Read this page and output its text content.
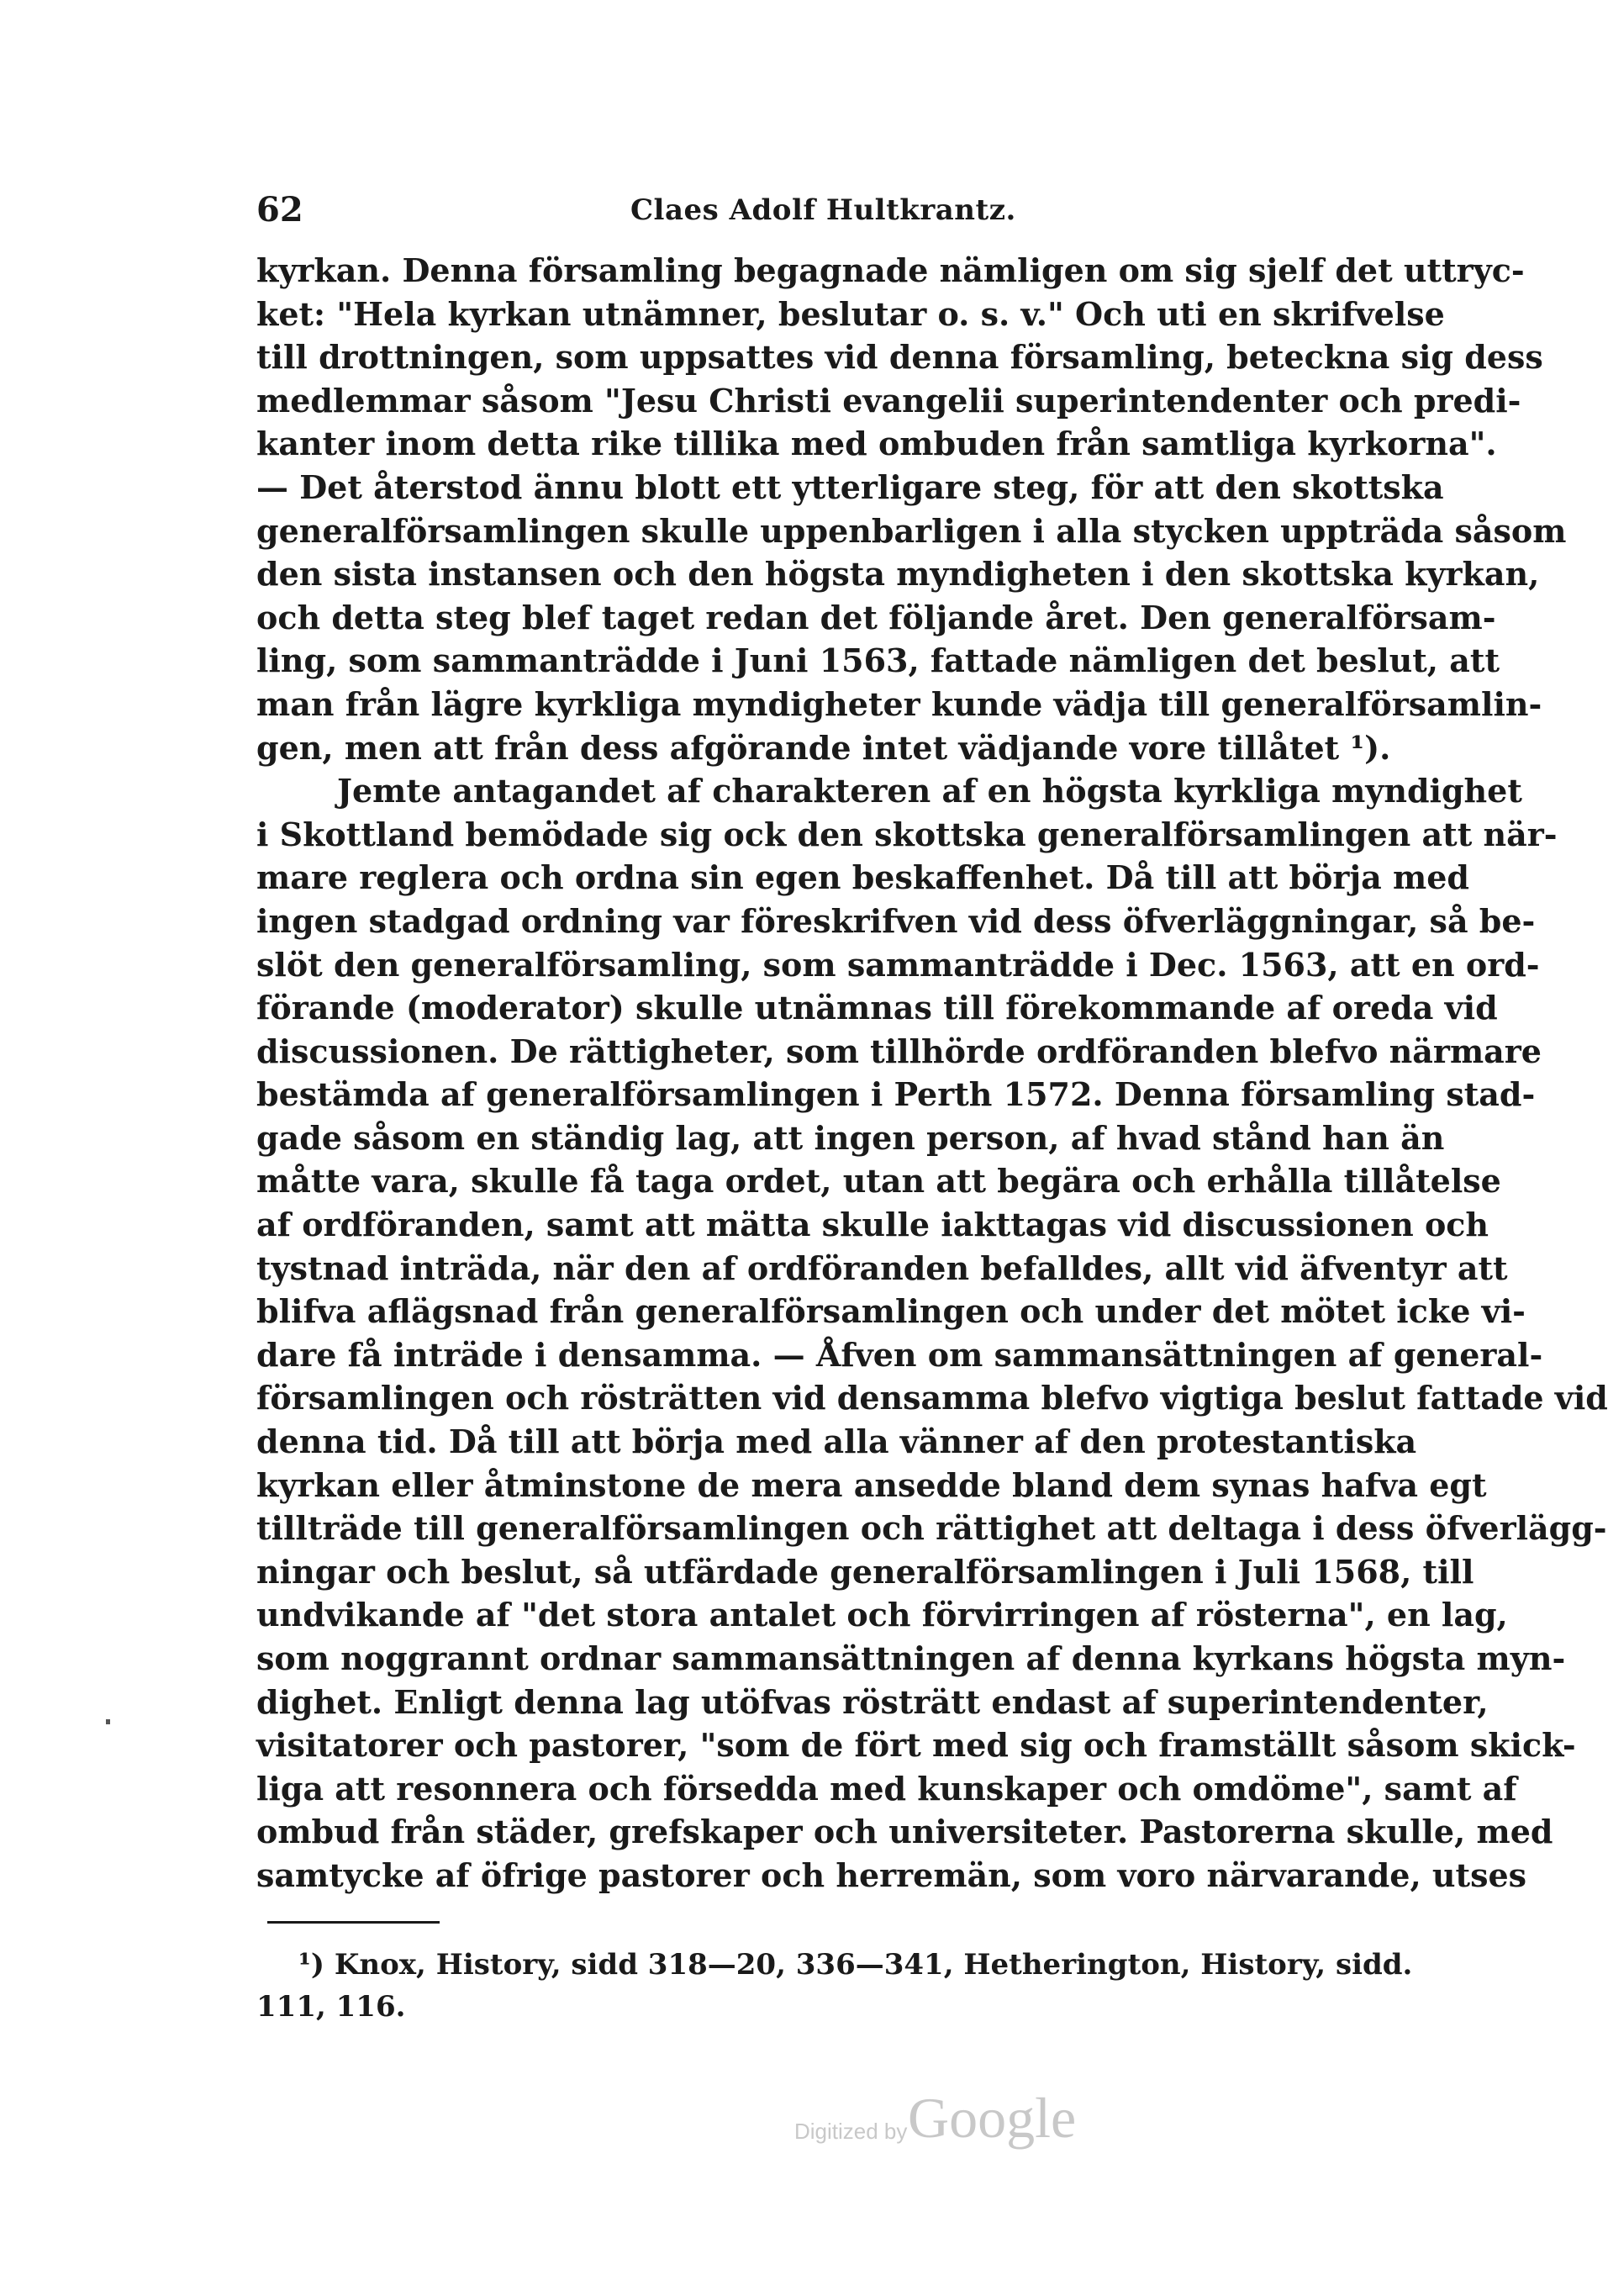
62	Claes Adolf Hultkrantz.
kyrkan. Denna församling begagnade nämligen om sig sjelf det uttryc-
ket: "Hela kyrkan utnämner, beslutar o. s. v." Och uti en skrifvelse
till drottningen, som uppsattes vid denna församling, beteckna sig dess
medlemmar såsom "Jesu Christi evangelii superintendenter och predi-
kanter inom detta rike tillika med ombuden från samtliga kyrkorna".
— Det återstod ännu blott ett ytterligare steg, för att den skottska
generalförsamlingen skulle uppenbarligen i alla stycken uppträda såsom
den sista instansen och den högsta myndigheten i den skottska kyrkan,
och detta steg blef taget redan det följande året. Den generalförsam-
ling, som sammanträdde i Juni 1563, fattade nämligen det beslut, att
man från lägre kyrkliga myndigheter kunde vädja till generalförsamlin-
gen, men att från dess afgörande intet vädjande vore tillåtet ¹).
Jemte antagandet af charakteren af en högsta kyrkliga myndighet
i Skottland bemödade sig ock den skottska generalförsamlingen att när-
mare reglera och ordna sin egen beskaffenhet. Då till att börja med
ingen stadgad ordning var föreskrifven vid dess öfverläggningar, så be-
slöt den generalförsamling, som sammanträdde i Dec. 1563, att en ord-
förande (moderator) skulle utnämnas till förekommande af oreda vid
discussionen. De rättigheter, som tillhörde ordföranden blefvo närmare
bestämda af generalförsamlingen i Perth 1572. Denna församling stad-
gade såsom en ständig lag, att ingen person, af hvad stånd han än
måtte vara, skulle få taga ordet, utan att begära och erhålla tillåtelse
af ordföranden, samt att mätta skulle iakttagas vid discussionen och
tystnad inträda, när den af ordföranden befalldes, allt vid äfventyr att
blifva aflägsnad från generalförsamlingen och under det mötet icke vi-
dare få inträde i densamma. — Åfven om sammansättningen af general-
församlingen och rösträtten vid densamma blefvo vigtiga beslut fattade vid
denna tid. Då till att börja med alla vänner af den protestantiska
kyrkan eller åtminstone de mera ansedde bland dem synas hafva egt
tillträde till generalförsamlingen och rättighet att deltaga i dess öfverlägg-
ningar och beslut, så utfärdade generalförsamlingen i Juli 1568, till
undvikande af "det stora antalet och förvirringen af rösterna", en lag,
som noggrannt ordnar sammansättningen af denna kyrkans högsta myn-
dighet. Enligt denna lag utöfvas rösträtt endast af superintendenter,
visitatorer och pastorer, "som de fört med sig och framställt såsom skick-
liga att resonnera och försedda med kunskaper och omdöme", samt af
ombud från städer, grefskaper och universiteter. Pastorerna skulle, med
samtycke af öfrige pastorer och herremän, som voro närvarande, utses
¹) Knox, History, sidd 318—20, 336—341, Hetherington, History, sidd.
111, 116.
Digitized by Google
